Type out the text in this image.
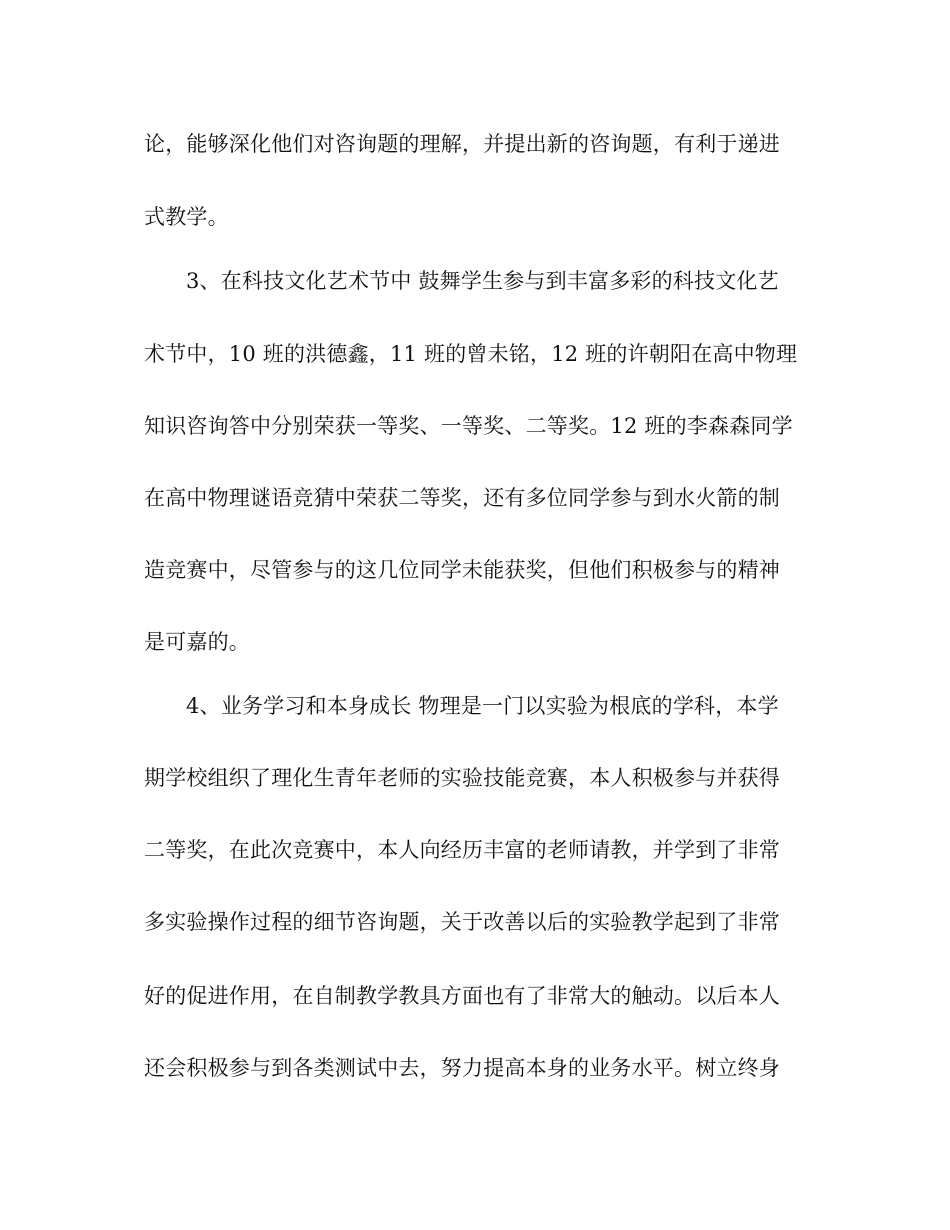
论，能够深化他们对咨询题的理解，并提出新的咨询题，有利于递进
式教学。
3、在科技文化艺术节中 鼓舞学生参与到丰富多彩的科技文化艺
术节中，10 班的洪德鑫，11 班的曾未铭，12 班的许朝阳在高中物理
知识咨询答中分别荣获一等奖、一等奖、二等奖。12 班的李森森同学
在高中物理谜语竞猜中荣获二等奖，还有多位同学参与到水火箭的制
造竞赛中，尽管参与的这几位同学未能获奖，但他们积极参与的精神
是可嘉的。
4、业务学习和本身成长 物理是一门以实验为根底的学科，本学
期学校组织了理化生青年老师的实验技能竞赛，本人积极参与并获得
二等奖，在此次竞赛中，本人向经历丰富的老师请教，并学到了非常
多实验操作过程的细节咨询题，关于改善以后的实验教学起到了非常
好的促进作用，在自制教学教具方面也有了非常大的触动。以后本人
还会积极参与到各类测试中去，努力提高本身的业务水平。树立终身
